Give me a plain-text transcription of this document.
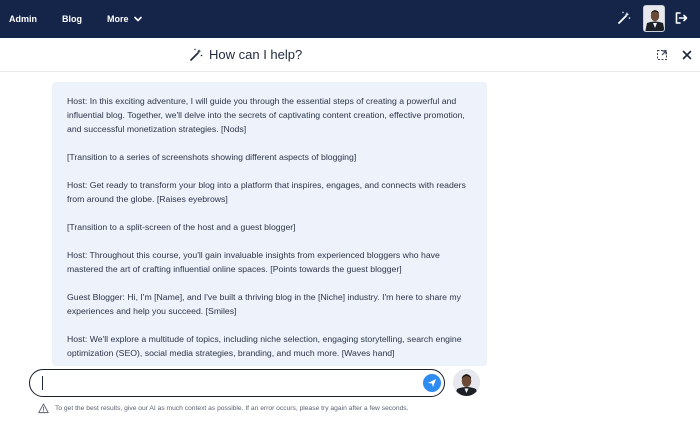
Admin	Blog	More
How can I help?

Host: In this exciting adventure, I will guide you through the essential steps of creating a powerful and influential blog. Together, we'll delve into the secrets of captivating content creation, effective promotion, and successful monetization strategies. [Nods]

[Transition to a series of screenshots showing different aspects of blogging]

Host: Get ready to transform your blog into a platform that inspires, engages, and connects with readers from around the globe. [Raises eyebrows]

[Transition to a split-screen of the host and a guest blogger]

Host: Throughout this course, you'll gain invaluable insights from experienced bloggers who have mastered the art of crafting influential online spaces. [Points towards the guest blogger]

Guest Blogger: Hi, I'm [Name], and I've built a thriving blog in the [Niche] industry. I'm here to share my experiences and help you succeed. [Smiles]

Host: We'll explore a multitude of topics, including niche selection, engaging storytelling, search engine optimization (SEO), social media strategies, branding, and much more. [Waves hand]

To get the best results, give our AI as much context as possible. If an error occurs, please try again after a few seconds.
